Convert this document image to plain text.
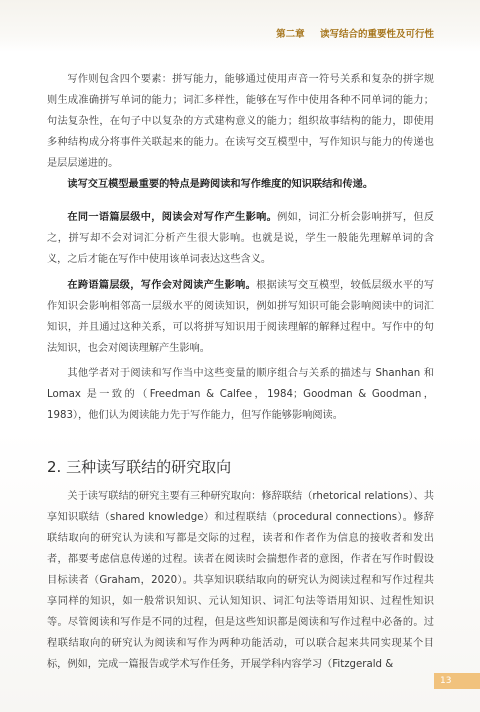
第二章 读写结合的重要性及可行性

写作则包含四个要素：拼写能力，能够通过使用声音一符号关系和复杂的拼字规则生成准确拼写单词的能力；词汇多样性，能够在写作中使用各种不同单词的能力；句法复杂性，在句子中以复杂的方式建构意义的能力；组织故事结构的能力，即使用多种结构成分将事件关联起来的能力。在读写交互模型中，写作知识与能力的传递也是层层递进的。

读写交互模型最重要的特点是跨阅读和写作维度的知识联结和传递。

在同一语篇层级中，阅读会对写作产生影响。例如，词汇分析会影响拼写，但反之，拼写却不会对词汇分析产生很大影响。也就是说，学生一般能先理解单词的含义，之后才能在写作中使用该单词表达这些含义。

在跨语篇层级，写作会对阅读产生影响。根据读写交互模型，较低层级水平的写作知识会影响相邻高一层级水平的阅读知识，例如拼写知识可能会影响阅读中的词汇知识，并且通过这种关系，可以将拼写知识用于阅读理解的解释过程中。写作中的句法知识，也会对阅读理解产生影响。

其他学者对于阅读和写作当中这些变量的顺序组合与关系的描述与 Shanhan 和 Lomax 是一致的（Freedman & Calfee，1984；Goodman & Goodman，1983），他们认为阅读能力先于写作能力，但写作能够影响阅读。

2. 三种读写联结的研究取向

关于读写联结的研究主要有三种研究取向：修辞联结（rhetorical relations）、共享知识联结（shared knowledge）和过程联结（procedural connections）。修辞联结取向的研究认为读和写都是交际的过程，读者和作者作为信息的接收者和发出者，都要考虑信息传递的过程。读者在阅读时会揣想作者的意图，作者在写作时假设目标读者（Graham，2020）。共享知识联结取向的研究认为阅读过程和写作过程共享同样的知识，如一般常识知识、元认知知识、词汇句法等语用知识、过程性知识等。尽管阅读和写作是不同的过程，但是这些知识都是阅读和写作过程中必备的。过程联结取向的研究认为阅读和写作为两种功能活动，可以联合起来共同实现某个目标，例如，完成一篇报告或学术写作任务，开展学科内容学习（Fitzgerald &

13
